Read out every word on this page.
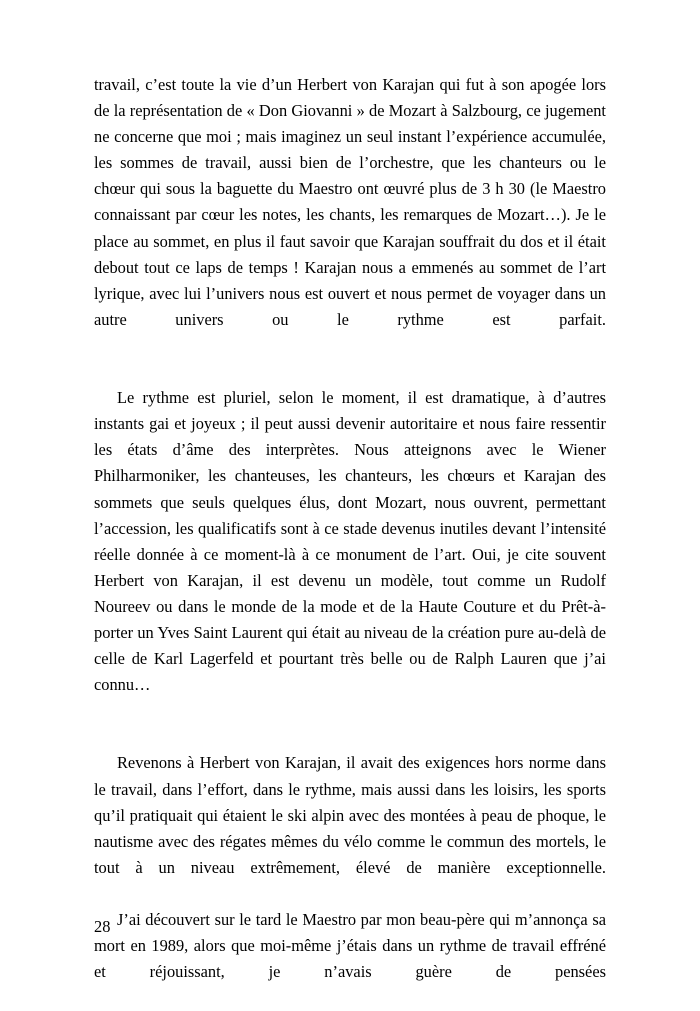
travail, c’est toute la vie d’un Herbert von Karajan qui fut à son apogée lors de la représentation de « Don Giovanni » de Mozart à Salzbourg, ce jugement ne concerne que moi ; mais imaginez un seul instant l’expérience accumulée, les sommes de travail, aussi bien de l’orchestre, que les chanteurs ou le chœur qui sous la baguette du Maestro ont œuvré plus de 3 h 30 (le Maestro connaissant par cœur les notes, les chants, les remarques de Mozart…). Je le place au sommet, en plus il faut savoir que Karajan souffrait du dos et il était debout tout ce laps de temps ! Karajan nous a emmenés au sommet de l’art lyrique, avec lui l’univers nous est ouvert et nous permet de voyager dans un autre univers ou le rythme est parfait.

Le rythme est pluriel, selon le moment, il est dramatique, à d’autres instants gai et joyeux ; il peut aussi devenir autoritaire et nous faire ressentir les états d’âme des interprètes. Nous atteignons avec le Wiener Philharmoniker, les chanteuses, les chanteurs, les chœurs et Karajan des sommets que seuls quelques élus, dont Mozart, nous ouvrent, permettant l’accession, les qualificatifs sont à ce stade devenus inutiles devant l’intensité réelle donnée à ce moment-là à ce monument de l’art. Oui, je cite souvent Herbert von Karajan, il est devenu un modèle, tout comme un Rudolf Noureev ou dans le monde de la mode et de la Haute Couture et du Prêt-à-porter un Yves Saint Laurent qui était au niveau de la création pure au-delà de celle de Karl Lagerfeld et pourtant très belle ou de Ralph Lauren que j’ai connu…

Revenons à Herbert von Karajan, il avait des exigences hors norme dans le travail, dans l’effort, dans le rythme, mais aussi dans les loisirs, les sports qu’il pratiquait qui étaient le ski alpin avec des montées à peau de phoque, le nautisme avec des régates mêmes du vélo comme le commun des mortels, le tout à un niveau extrêmement, élevé de manière exceptionnelle.

J’ai découvert sur le tard le Maestro par mon beau-père qui m’annonça sa mort en 1989, alors que moi-même j’étais dans un rythme de travail effréné et réjouissant, je n’avais guère de pensées

28
